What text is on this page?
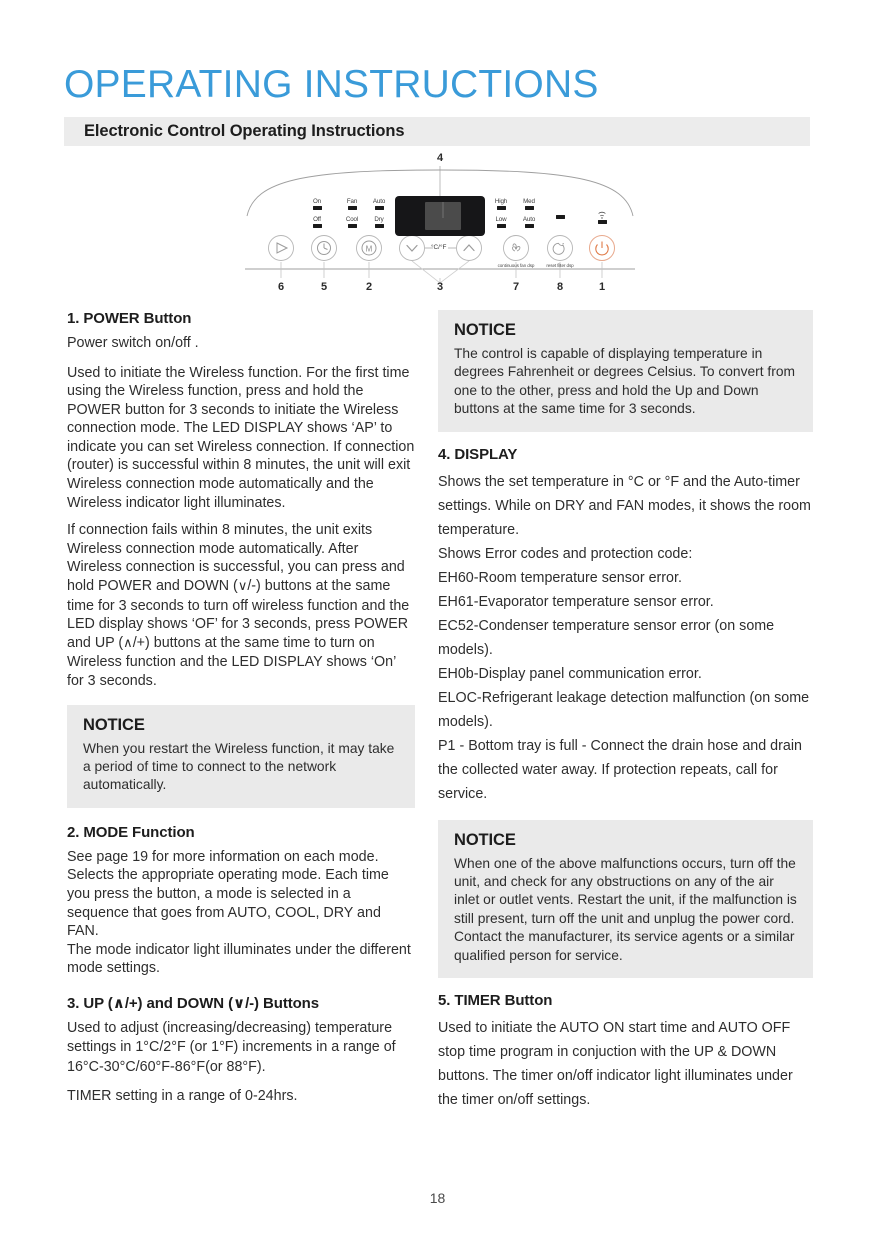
OPERATING INSTRUCTIONS
Electronic Control Operating Instructions
M	z
4
On
Off
Fan
Cool
Auto
Dry
High
Low
Med
Auto
°C/°F
continuous fan dsp	reset filter dsp
6	5	2	3	7	8	1
1. POWER Button

Power switch on/off .

Used to initiate the Wireless function. For the first time using the Wireless function, press and hold the POWER button for 3 seconds to initiate the Wireless connection mode. The LED DISPLAY shows ‘AP’ to indicate you can set Wireless connection. If connection (router) is successful within 8 minutes, the unit will exit Wireless connection mode automatically and the Wireless indicator light illuminates.

If connection fails within 8 minutes, the unit exits Wireless connection mode automatically. After Wireless connection is successful, you can press and hold POWER and DOWN (∨/-) buttons at the same time for 3 seconds to turn off wireless function and the LED display shows ‘OF’ for 3 seconds, press POWER and UP (∧/+) buttons at the same time to turn on Wireless function and the LED DISPLAY shows ‘On’ for 3 seconds.

NOTICE

When you restart the Wireless function, it may take a period of time to connect to the network automatically.

2. MODE Function

See page 19 for more information on each mode. Selects the appropriate operating mode. Each time you press the button, a mode is selected in a sequence that goes from AUTO, COOL, DRY and FAN.

The mode indicator light illuminates under the different mode settings.

3. UP (∧/+) and DOWN (∨/-) Buttons

Used to adjust (increasing/decreasing) temperature settings in 1°C/2°F (or 1°F) increments in a range of 16°C-30°C/60°F-86°F(or 88°F).

TIMER setting in a range of 0-24hrs.

NOTICE

The control is capable of displaying temperature in degrees Fahrenheit or degrees Celsius. To convert from one to the other, press and hold the Up and Down buttons at the same time for 3 seconds.

4. DISPLAY

Shows the set temperature in °C or °F and the Auto-timer settings. While on DRY and FAN modes, it shows the room temperature.

Shows Error codes and protection code:

EH60-Room temperature sensor error.

EH61-Evaporator temperature sensor error.

EC52-Condenser temperature sensor error (on some models).

EH0b-Display panel communication error.

ELOC-Refrigerant leakage detection malfunction (on some models).

P1 - Bottom tray is full - Connect the drain hose and drain the collected water away. If protection repeats, call for service.

NOTICE

When one of the above malfunctions occurs, turn off the unit, and check for any obstructions on any of the air inlet or outlet vents. Restart the unit, if the malfunction is still present, turn off the unit and unplug the power cord.

Contact the manufacturer, its service agents or a similar qualified person for service.

5. TIMER Button

Used to initiate the AUTO ON start time and AUTO OFF stop time program in conjuction with the UP & DOWN buttons. The timer on/off indicator light illuminates under the timer on/off settings.

18
